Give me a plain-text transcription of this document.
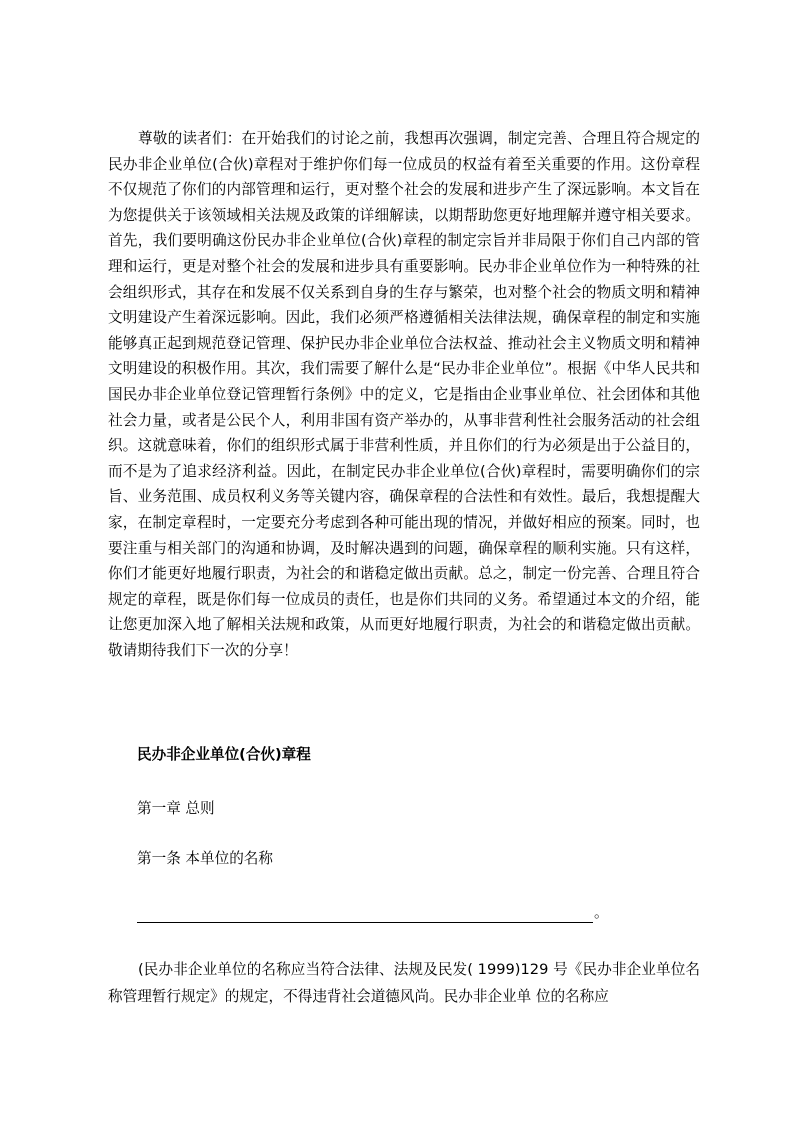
尊敬的读者们：在开始我们的讨论之前，我想再次强调，制定完善、合理且符合规定的民办非企业单位(合伙)章程对于维护你们每一位成员的权益有着至关重要的作用。这份章程不仅规范了你们的内部管理和运行，更对整个社会的发展和进步产生了深远影响。本文旨在为您提供关于该领域相关法规及政策的详细解读，以期帮助您更好地理解并遵守相关要求。首先，我们要明确这份民办非企业单位(合伙)章程的制定宗旨并非局限于你们自己内部的管理和运行，更是对整个社会的发展和进步具有重要影响。民办非企业单位作为一种特殊的社会组织形式，其存在和发展不仅关系到自身的生存与繁荣，也对整个社会的物质文明和精神文明建设产生着深远影响。因此，我们必须严格遵循相关法律法规，确保章程的制定和实施能够真正起到规范登记管理、保护民办非企业单位合法权益、推动社会主义物质文明和精神文明建设的积极作用。其次，我们需要了解什么是“民办非企业单位”。根据《中华人民共和国民办非企业单位登记管理暂行条例》中的定义，它是指由企业事业单位、社会团体和其他社会力量，或者是公民个人，利用非国有资产举办的，从事非营利性社会服务活动的社会组织。这就意味着，你们的组织形式属于非营利性质，并且你们的行为必须是出于公益目的，而不是为了追求经济利益。因此，在制定民办非企业单位(合伙)章程时，需要明确你们的宗旨、业务范围、成员权利义务等关键内容，确保章程的合法性和有效性。最后，我想提醒大家，在制定章程时，一定要充分考虑到各种可能出现的情况，并做好相应的预案。同时，也要注重与相关部门的沟通和协调，及时解决遇到的问题，确保章程的顺利实施。只有这样，你们才能更好地履行职责，为社会的和谐稳定做出贡献。总之，制定一份完善、合理且符合规定的章程，既是你们每一位成员的责任，也是你们共同的义务。希望通过本文的介绍，能让您更加深入地了解相关法规和政策，从而更好地履行职责，为社会的和谐稳定做出贡献。敬请期待我们下一次的分享！

民办非企业单位(合伙)章程

第一章 总则

第一条 本单位的名称

。

(民办非企业单位的名称应当符合法律、法规及民发( 1999)129 号《民办非企业单位名称管理暂行规定》的规定，不得违背社会道德风尚。民办非企业单 位的名称应
